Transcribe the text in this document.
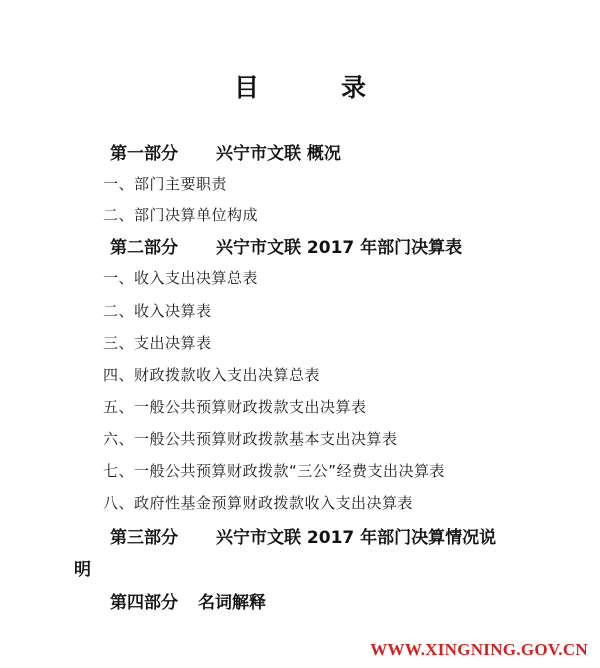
目	录
第一部分 兴宁市文联 概况
一、部门主要职责
二、部门决算单位构成
第二部分 兴宁市文联 2017 年部门决算表
一、收入支出决算总表
二、收入决算表
三、支出决算表
四、财政拨款收入支出决算总表
五、一般公共预算财政拨款支出决算表
六、一般公共预算财政拨款基本支出决算表
七、一般公共预算财政拨款“三公”经费支出决算表
八、政府性基金预算财政拨款收入支出决算表
第三部分 兴宁市文联 2017 年部门决算情况说
明
第四部分 名词解释
WWW.XINGNING.GOV.CN
